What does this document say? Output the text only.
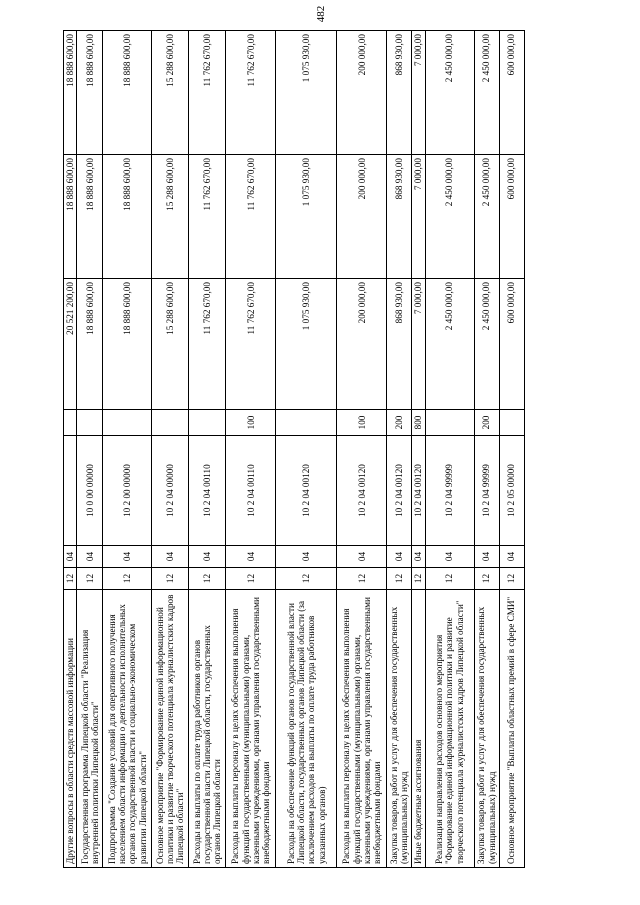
482
Другие вопросы в области средств массовой информации	12	04			20 521 200,00	18 888 600,00	18 888 600,00
Государственная программа Липецкой области "Реализация внутренней политики Липецкой области"	12	04	10 0 00 00000		18 888 600,00	18 888 600,00	18 888 600,00
Подпрограмма "Создание условий для оперативного получения населением области информации о деятельности исполнительных органов государственной власти и социально-экономическом развитии Липецкой области"	12	04	10 2 00 00000		18 888 600,00	18 888 600,00	18 888 600,00
Основное мероприятие "Формирование единой информационной политики и развитие творческого потенциала журналистских кадров Липецкой области"	12	04	10 2 04 00000		15 288 600,00	15 288 600,00	15 288 600,00
Расходы на выплаты по оплате труда работников органов государственной власти Липецкой области, государственных органов Липецкой области	12	04	10 2 04 00110		11 762 670,00	11 762 670,00	11 762 670,00
Расходы на выплаты персоналу в целях обеспечения выполнения функций государственными (муниципальными) органами, казенными учреждениями, органами управления государственными внебюджетными фондами	12	04	10 2 04 00110	100	11 762 670,00	11 762 670,00	11 762 670,00
Расходы на обеспечение функций органов государственной власти Липецкой области, государственных органов Липецкой области (за исключением расходов на выплаты по оплате труда работников указанных органов)	12	04	10 2 04 00120		1 075 930,00	1 075 930,00	1 075 930,00
Расходы на выплаты персоналу в целях обеспечения выполнения функций государственными (муниципальными) органами, казенными учреждениями, органами управления государственными внебюджетными фондами	12	04	10 2 04 00120	100	200 000,00	200 000,00	200 000,00
Закупка товаров, работ и услуг для обеспечения государственных (муниципальных) нужд	12	04	10 2 04 00120	200	868 930,00	868 930,00	868 930,00
Иные бюджетные ассигнования	12	04	10 2 04 00120	800	7 000,00	7 000,00	7 000,00
Реализация направления расходов основного мероприятия "Формирование единой информационной политики и развитие творческого потенциала журналистских кадров Липецкой области"	12	04	10 2 04 99999		2 450 000,00	2 450 000,00	2 450 000,00
Закупка товаров, работ и услуг для обеспечения государственных (муниципальных) нужд	12	04	10 2 04 99999	200	2 450 000,00	2 450 000,00	2 450 000,00
Основное мероприятие "Выплаты областных премий в сфере СМИ"	12	04	10 2 05 00000		600 000,00	600 000,00	600 000,00
